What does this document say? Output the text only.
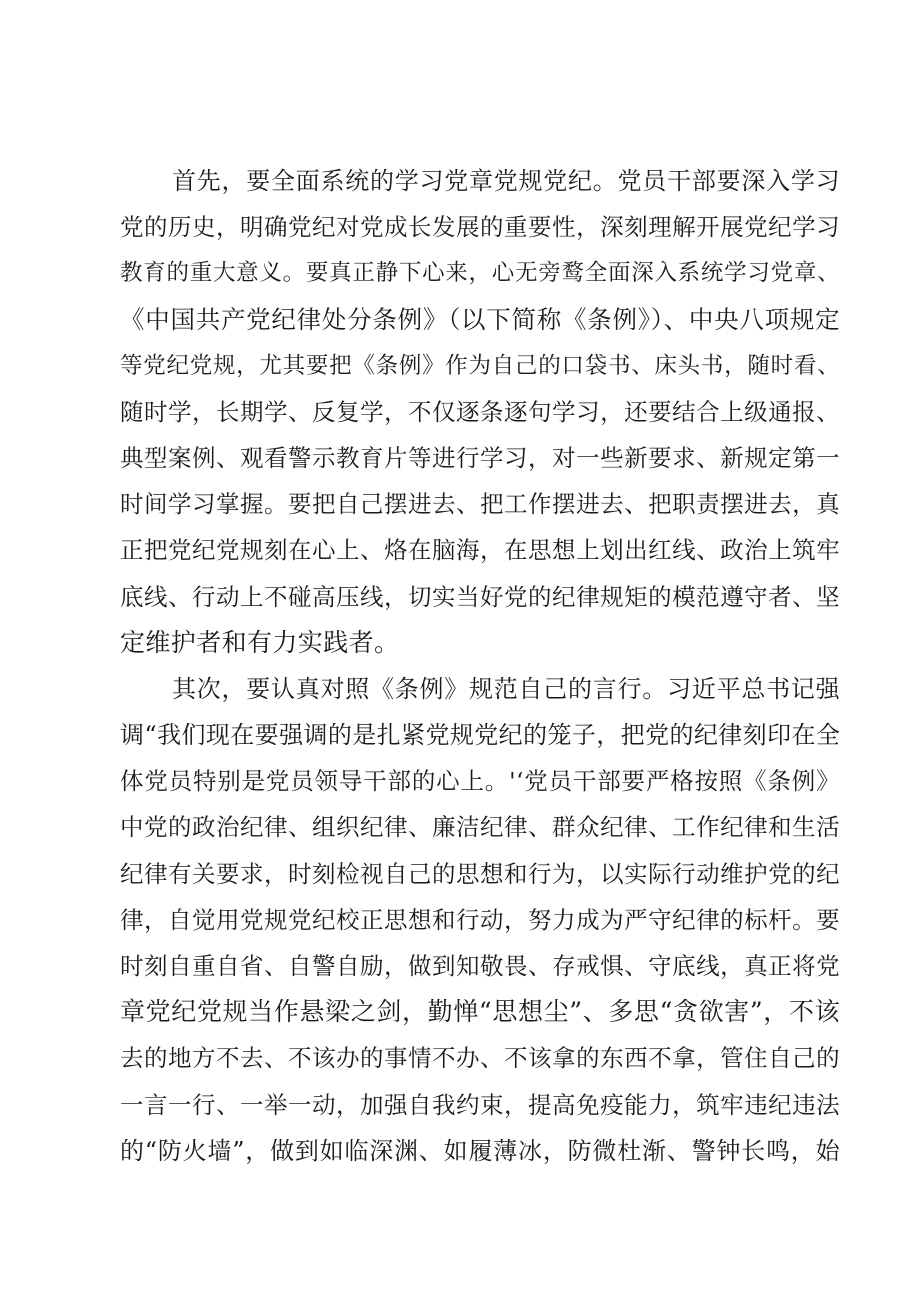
首先，要全面系统的学习党章党规党纪。党员干部要深入学习
党的历史，明确党纪对党成长发展的重要性，深刻理解开展党纪学习
教育的重大意义。要真正静下心来，心无旁鹜全面深入系统学习党章、
《中国共产党纪律处分条例》（以下简称《条例》）、中央八项规定
等党纪党规，尤其要把《条例》作为自己的口袋书、床头书，随时看、
随时学，长期学、反复学，不仅逐条逐句学习，还要结合上级通报、
典型案例、观看警示教育片等进行学习，对一些新要求、新规定第一
时间学习掌握。要把自己摆进去、把工作摆进去、把职责摆进去，真
正把党纪党规刻在心上、烙在脑海，在思想上划出红线、政治上筑牢
底线、行动上不碰高压线，切实当好党的纪律规矩的模范遵守者、坚
定维护者和有力实践者。
其次，要认真对照《条例》规范自己的言行。习近平总书记强
调“我们现在要强调的是扎紧党规党纪的笼子，把党的纪律刻印在全
体党员特别是党员领导干部的心上。'‘党员干部要严格按照《条例》
中党的政治纪律、组织纪律、廉洁纪律、群众纪律、工作纪律和生活
纪律有关要求，时刻检视自己的思想和行为，以实际行动维护党的纪
律，自觉用党规党纪校正思想和行动，努力成为严守纪律的标杆。要
时刻自重自省、自警自励，做到知敬畏、存戒惧、守底线，真正将党
章党纪党规当作悬梁之剑，勤惮“思想尘”、多思“贪欲害”，不该
去的地方不去、不该办的事情不办、不该拿的东西不拿，管住自己的
一言一行、一举一动，加强自我约束，提高免疫能力，筑牢违纪违法
的“防火墙”，做到如临深渊、如履薄冰，防微杜渐、警钟长鸣，始
